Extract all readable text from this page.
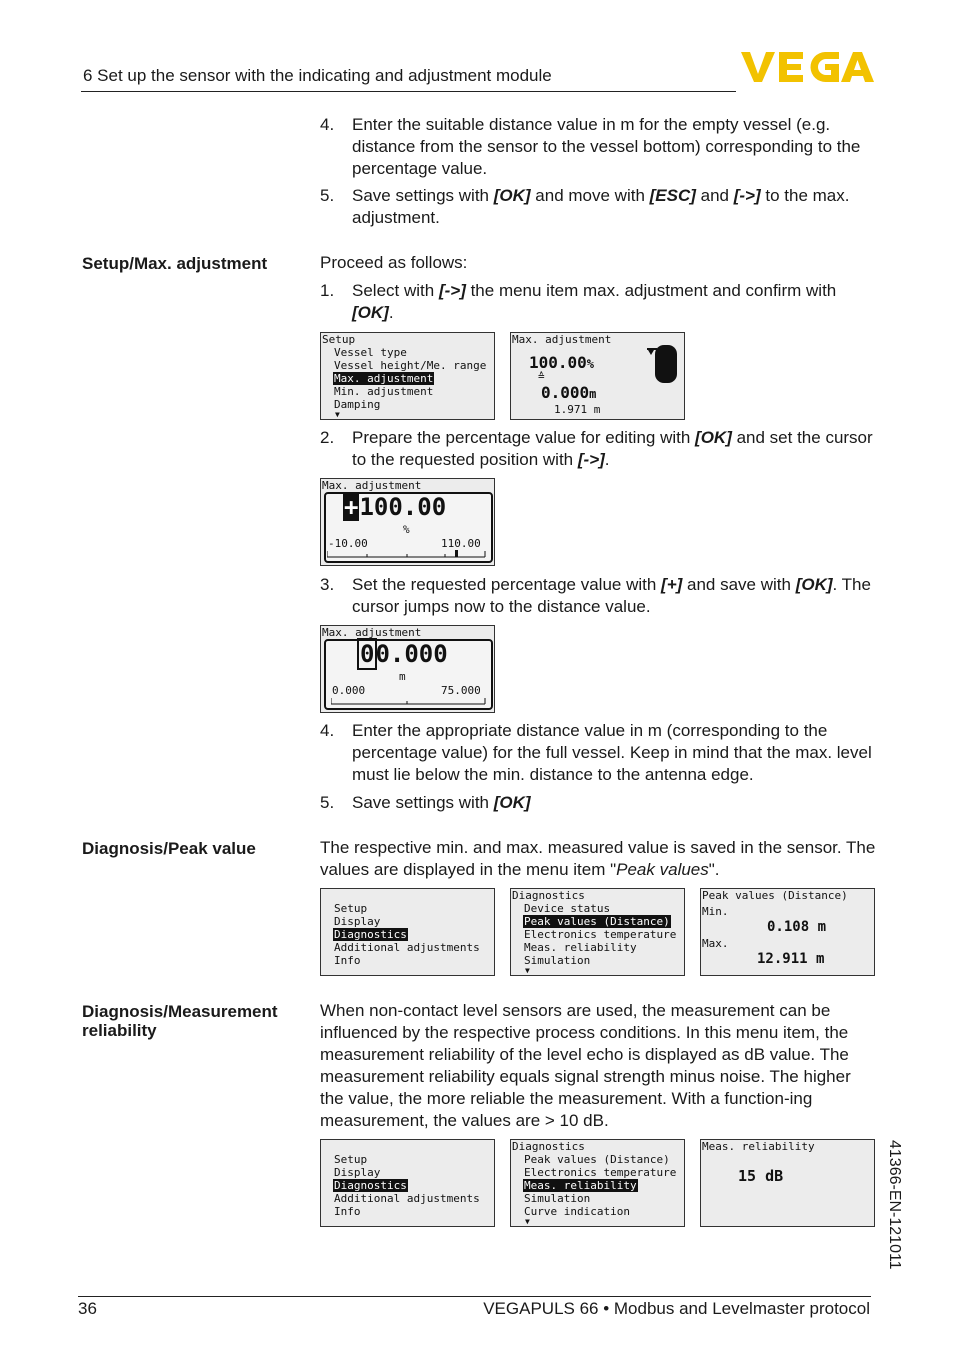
6 Set up the sensor with the indicating and adjustment module
4. Enter the suitable distance value in m for the empty vessel (e.g. distance from the sensor to the vessel bottom) corresponding to the percentage value.
5. Save settings with [OK] and move with [ESC] and [->] to the max. adjustment.
Setup/Max. adjustment	Proceed as follows:
1. Select with [->] the menu item max. adjustment and confirm with [OK].
Setup
Vessel type
Vessel height/Me. range
Max. adjustment
Min. adjustment
Damping
▼
Max. adjustment
100.00%
≙
0.000m
1.971 m
2. Prepare the percentage value for editing with [OK] and set the cursor to the requested position with [->].
Max. adjustment
+100.00
%
-10.00	110.00
3. Set the requested percentage value with [+] and save with [OK]. The cursor jumps now to the distance value.
Max. adjustment
00.000
m
0.000	75.000
4. Enter the appropriate distance value in m (corresponding to the percentage value) for the full vessel. Keep in mind that the max. level must lie below the min. distance to the antenna edge.
5. Save settings with [OK]
Diagnosis/Peak value	The respective min. and max. measured value is saved in the sensor. The values are displayed in the menu item "Peak values".
Setup
Display
Diagnostics
Additional adjustments
Info
Diagnostics
Device status
Peak values (Distance)
Electronics temperature
Meas. reliability
Simulation
▼
Peak values (Distance)
Min.
0.108 m
Max.
12.911 m
Diagnosis/Measurement
reliability
When non-contact level sensors are used, the measurement can be influenced by the respective process conditions. In this menu item, the measurement reliability of the level echo is displayed as dB value. The measurement reliability equals signal strength minus noise. The higher the value, the more reliable the measurement. With a function-ing measurement, the values are > 10 dB.
Setup
Display
Diagnostics
Additional adjustments
Info
Diagnostics
Peak values (Distance)
Electronics temperature
Meas. reliability
Simulation
Curve indication
▼
Meas. reliability
15 dB	41366-EN-121011
36	VEGAPULS 66 • Modbus and Levelmaster protocol
